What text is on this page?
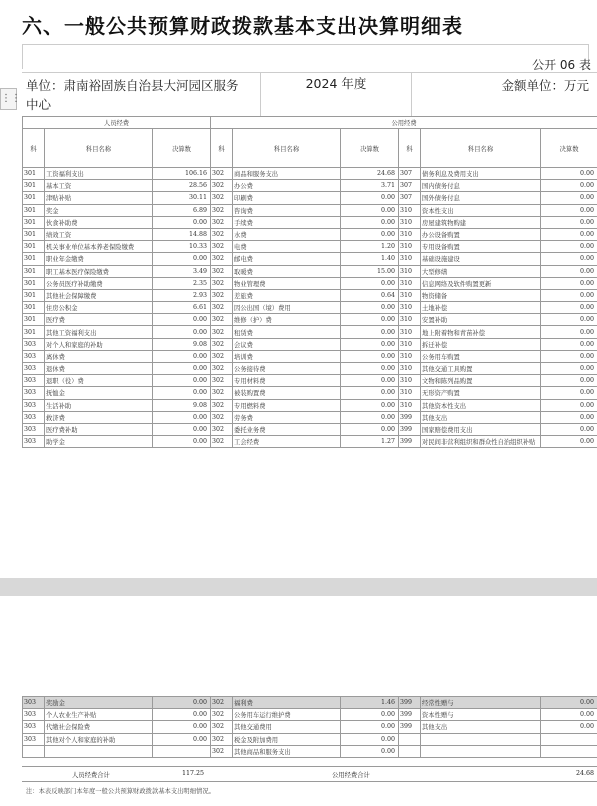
六、一般公共预算财政拨款基本支出决算明细表
公开 06 表
单位：肃南裕固族自治县大河园区服务中心
2024 年度	金额单位：万元
⋮⋮
人员经费			公用经费					
科	科目名称	决算数	科	科目名称	决算数	科	科目名称	决算数
301	工资福利支出	106.16	302	商品和服务支出	24.68	307	债务利息及费用支出	0.00
301	基本工资	28.56	302	办公费	3.71	307	国内债务付息	0.00
301	津贴补贴	30.11	302	印刷费	0.00	307	国外债务付息	0.00
301	奖金	6.89	302	咨询费	0.00	310	资本性支出	0.00
301	伙食补助费	0.00	302	手续费	0.00	310	房屋建筑物购建	0.00
301	绩效工资	14.88	302	水费	0.00	310	办公设备购置	0.00
301	机关事业单位基本养老保险缴费	10.33	302	电费	1.20	310	专用设备购置	0.00
301	职业年金缴费	0.00	302	邮电费	1.40	310	基础设施建设	0.00
301	职工基本医疗保险缴费	3.49	302	取暖费	15.00	310	大型修缮	0.00
301	公务员医疗补助缴费	2.35	302	物业管理费	0.00	310	信息网络及软件购置更新	0.00
301	其他社会保障缴费	2.93	302	差旅费	0.64	310	物资储备	0.00
301	住房公积金	6.61	302	因公出国（境）费用	0.00	310	土地补偿	0.00
301	医疗费	0.00	302	维修（护）费	0.00	310	安置补助	0.00
301	其他工资福利支出	0.00	302	租赁费	0.00	310	地上附着物和青苗补偿	0.00
303	对个人和家庭的补助	9.08	302	会议费	0.00	310	拆迁补偿	0.00
303	离休费	0.00	302	培训费	0.00	310	公务用车购置	0.00
303	退休费	0.00	302	公务接待费	0.00	310	其他交通工具购置	0.00
303	退职（役）费	0.00	302	专用材料费	0.00	310	文物和陈列品购置	0.00
303	抚恤金	0.00	302	被装购置费	0.00	310	无形资产购置	0.00
303	生活补助	9.08	302	专用燃料费	0.00	310	其他资本性支出	0.00
303	救济费	0.00	302	劳务费	0.00	399	其他支出	0.00
303	医疗费补助	0.00	302	委托业务费	0.00	399	国家赔偿费用支出	0.00
303	助学金	0.00	302	工会经费	1.27	399	对民间非营利组织和群众性自治组织补贴	0.00
303	奖励金	0.00	302	福利费	1.46	399	经常性赠与	0.00
303	个人农业生产补贴	0.00	302	公务用车运行维护费	0.00	399	资本性赠与	0.00
303	代缴社会保险费	0.00	302	其他交通费用	0.00	399	其他支出	0.00
303	其他对个人和家庭的补助	0.00	302	税金及附加费用	0.00			
			302	其他商品和服务支出	0.00			
人员经费合计	117.25	公用经费合计	24.68
注：本表反映部门本年度一般公共预算财政拨款基本支出明细情况。
